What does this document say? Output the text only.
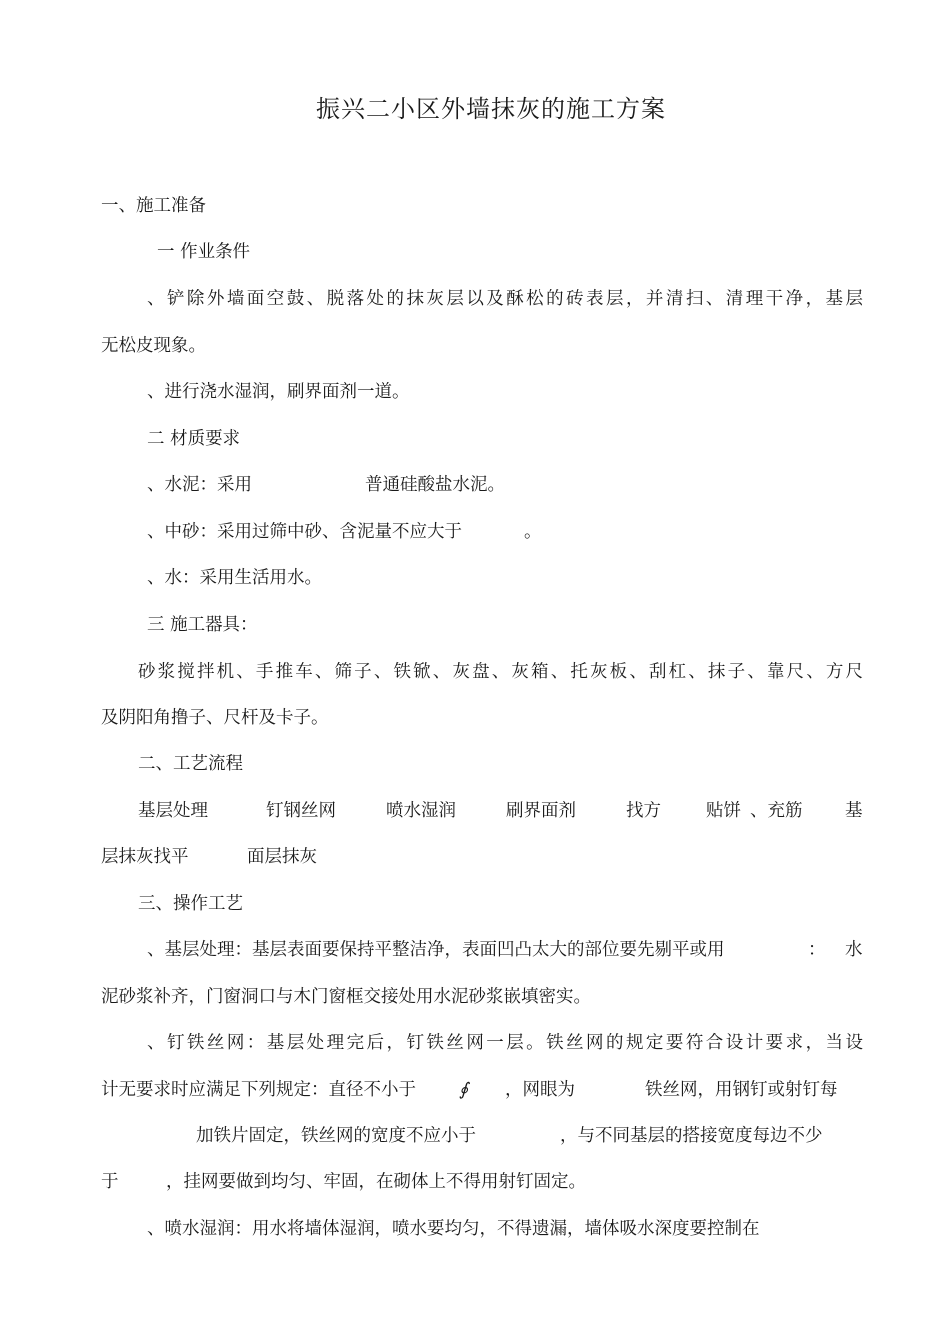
振兴二小区外墙抹灰的施工方案
一、施工准备
一 作业条件
、铲除外墙面空鼓、脱落处的抹灰层以及酥松的砖表层，并清扫、清理干净，基层
无松皮现象。
、进行浇水湿润，刷界面剂一道。
二 材质要求
、水泥：采用	普通硅酸盐水泥。
、中砂：采用过筛中砂、含泥量不应大于	。
、水：采用生活用水。
三 施工器具：
砂浆搅拌机、手推车、筛子、铁锨、灰盘、灰箱、托灰板、刮杠、抹子、靠尺、方尺
及阴阳角撸子、尺杆及卡子。
二、工艺流程
基层处理	钉钢丝网	喷水湿润	刷界面剂	找方	贴饼 、充筋 基
层抹灰找平	面层抹灰
三、操作工艺
、基层处理：基层表面要保持平整洁净，表面凹凸太大的部位要先剔平或用	： 水
泥砂浆补齐，门窗洞口与木门窗框交接处用水泥砂浆嵌填密实。
、钉铁丝网：基层处理完后，钉铁丝网一层。铁丝网的规定要符合设计要求，当设
计无要求时应满足下列规定：直径不小于 ∮ ，网眼为	铁丝网，用钢钉或射钉每
加铁片固定，铁丝网的宽度不应小于	，与不同基层的搭接宽度每边不少
于	，挂网要做到均匀、牢固，在砌体上不得用射钉固定。
、喷水湿润：用水将墙体湿润，喷水要均匀，不得遗漏，墙体吸水深度要控制在
